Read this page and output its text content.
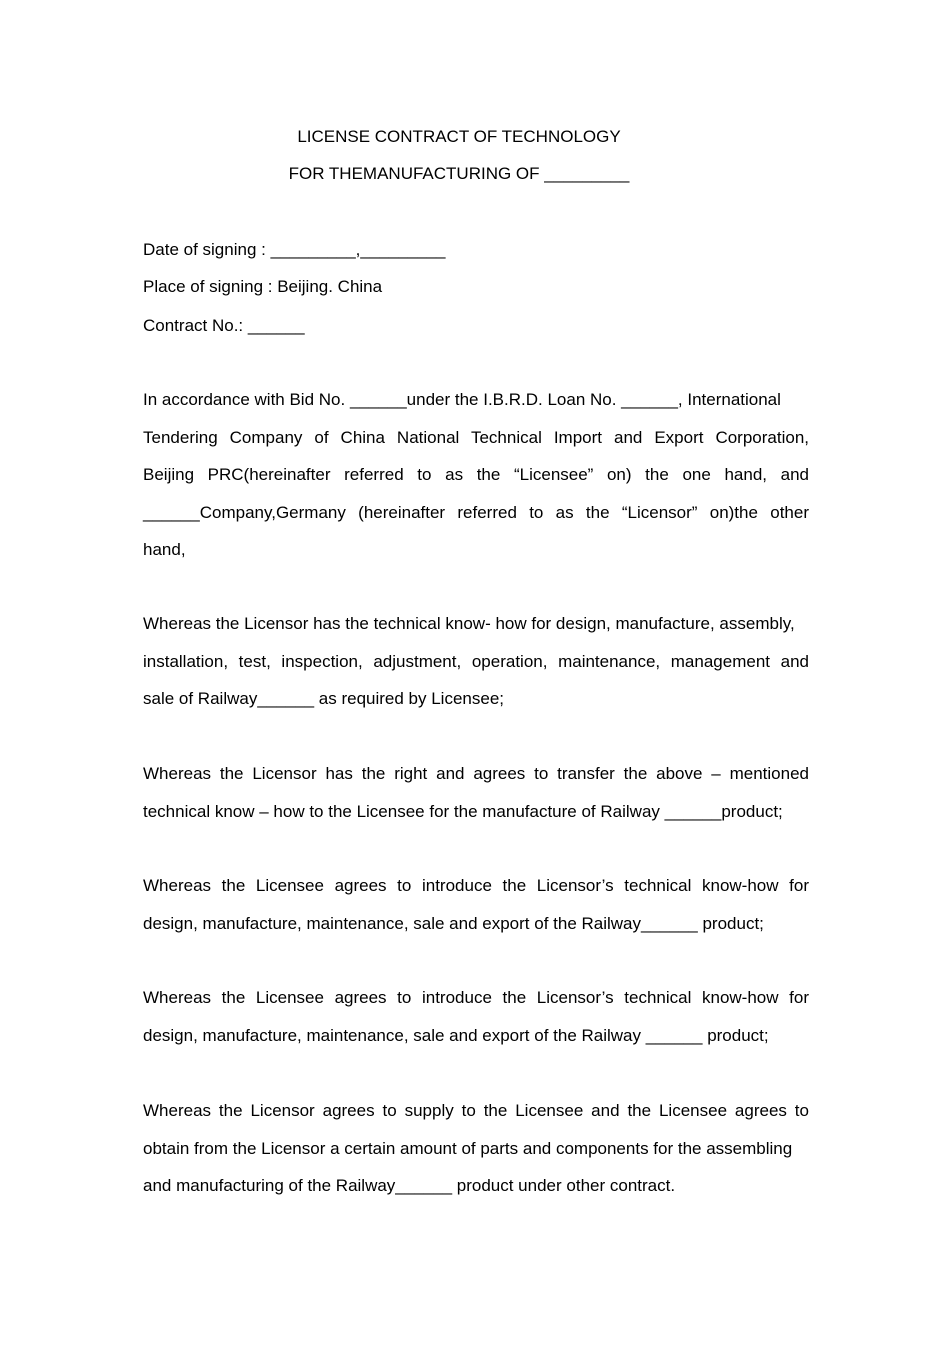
LICENSE CONTRACT OF TECHNOLOGY
FOR THEMANUFACTURING OF _________
Date of signing : _________,_________
Place of signing : Beijing. China
Contract No.: ______
In accordance with Bid No. ______under the I.B.R.D. Loan No. ______, International
Tendering Company of China National Technical Import and Export Corporation,
Beijing PRC(hereinafter referred to as the “Licensee” on) the one hand, and
______Company,Germany (hereinafter referred to as the “Licensor” on)the other
hand,
Whereas the Licensor has the technical know- how for design, manufacture, assembly,
installation, test, inspection, adjustment, operation, maintenance, management and
sale of Railway______ as required by Licensee;
Whereas the Licensor has the right and agrees to transfer the above – mentioned
technical know – how to the Licensee for the manufacture of Railway ______product;
Whereas the Licensee agrees to introduce the Licensor’s technical know-how for
design, manufacture, maintenance, sale and export of the Railway______ product;
Whereas the Licensee agrees to introduce the Licensor’s technical know-how for
design, manufacture, maintenance, sale and export of the Railway ______ product;
Whereas the Licensor agrees to supply to the Licensee and the Licensee agrees to
obtain from the Licensor a certain amount of parts and components for the assembling
and manufacturing of the Railway______ product under other contract.
